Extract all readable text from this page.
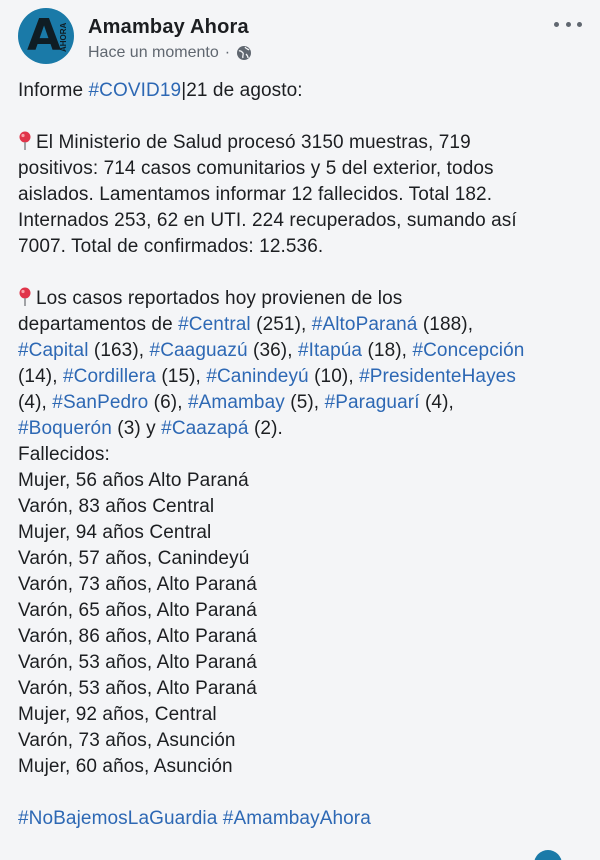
A
AHORA Amambay Ahora
Hace un momento ·
Informe #COVID19|21 de agosto:
El Ministerio de Salud procesó 3150 muestras, 719
positivos: 714 casos comunitarios y 5 del exterior, todos
aislados. Lamentamos informar 12 fallecidos. Total 182.
Internados 253, 62 en UTI. 224 recuperados, sumando así
7007. Total de confirmados: 12.536.
Los casos reportados hoy provienen de los
departamentos de #Central (251), #AltoParaná (188),
#Capital (163), #Caaguazú (36), #Itapúa (18), #Concepción
(14), #Cordillera (15), #Canindeyú (10), #PresidenteHayes
(4), #SanPedro (6), #Amambay (5), #Paraguarí (4),
#Boquerón (3) y #Caazapá (2).
Fallecidos:
Mujer, 56 años Alto Paraná
Varón, 83 años Central
Mujer, 94 años Central
Varón, 57 años, Canindeyú
Varón, 73 años, Alto Paraná
Varón, 65 años, Alto Paraná
Varón, 86 años, Alto Paraná
Varón, 53 años, Alto Paraná
Varón, 53 años, Alto Paraná
Mujer, 92 años, Central
Varón, 73 años, Asunción
Mujer, 60 años, Asunción
#NoBajemosLaGuardia #AmambayAhora
